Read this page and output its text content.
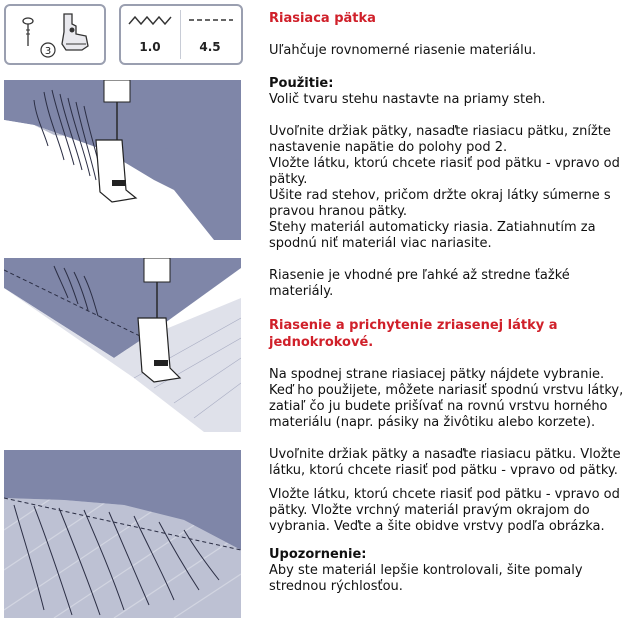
3	1.0	4.5

Riasiaca pätka

Uľahčuje rovnomerné riasenie materiálu.

Použitie:

Volič tvaru stehu nastavte na priamy steh.

Uvoľnite držiak pätky, nasaďte riasiacu pätku, znížte nastavenie napätie do polohy pod 2.

Vložte látku, ktorú chcete riasiť pod pätku - vpravo od pätky.

Ušite rad stehov, pričom držte okraj látky súmerne s pravou hranou pätky.

Stehy materiál automaticky riasia. Zatiahnutím za spodnú niť materiál viac nariasite.

Riasenie je vhodné pre ľahké až stredne ťažké materiály.

Riasenie a prichytenie zriasenej látky a jednokrokové.

Na spodnej strane riasiacej pätky nájdete vybranie. Keď ho použijete, môžete nariasiť spodnú vrstvu látky, zatiaľ čo ju budete prišívať na rovnú vrstvu horného materiálu (napr. pásiky na živôtiku alebo korzete).

Uvoľnite držiak pätky a nasaďte riasiacu pätku. Vložte látku, ktorú chcete riasiť pod pätku - vpravo od pätky.

Vložte látku, ktorú chcete riasiť pod pätku - vpravo od pätky. Vložte vrchný materiál pravým okrajom do vybrania. Veďte a šite obidve vrstvy podľa obrázka.

Upozornenie:

Aby ste materiál lepšie kontrolovali, šite pomaly strednou rýchlosťou.
